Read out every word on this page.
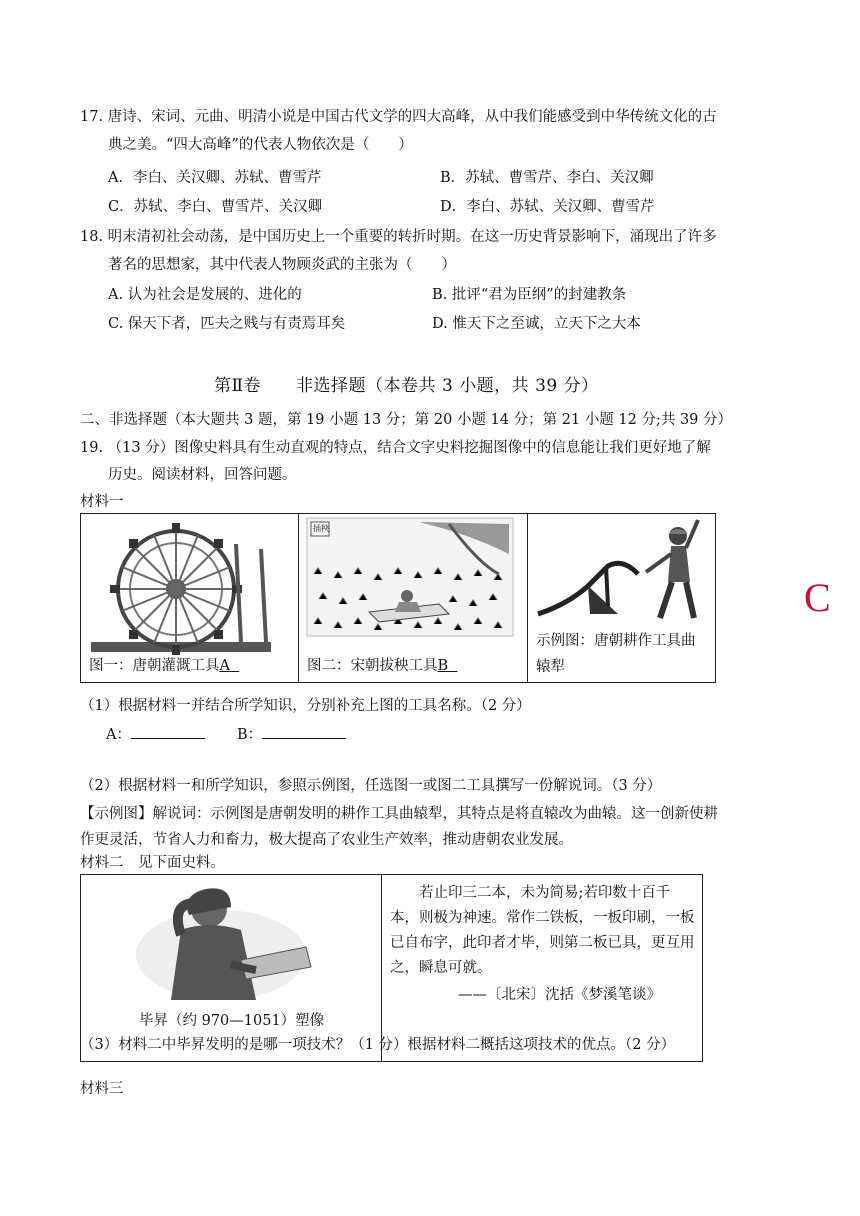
17. 唐诗、宋词、元曲、明清小说是中国古代文学的四大高峰，从中我们能感受到中华传统文化的古
典之美。“四大高峰”的代表人物依次是（　　）
A．李白、关汉卿、苏轼、曹雪芹	B．苏轼、曹雪芹、李白、关汉卿
C．苏轼、李白、曹雪芹、关汉卿	D．李白、苏轼、关汉卿、曹雪芹
18. 明末清初社会动荡，是中国历史上一个重要的转折时期。在这一历史背景影响下，涌现出了许多
著名的思想家，其中代表人物顾炎武的主张为（　　）
A. 认为社会是发展的、进化的	B. 批评“君为臣纲”的封建教条
C. 保天下者，匹夫之贱与有责焉耳矣	D. 惟天下之至诚，立天下之大本
第Ⅱ卷　　非选择题（本卷共 3 小题，共 39 分）
二、非选择题（本大题共 3 题，第 19 小题 13 分；第 20 小题 14 分；第 21 小题 12 分;共 39 分）
19. （13 分）图像史料具有生动直观的特点，结合文字史料挖掘图像中的信息能让我们更好地了解
历史。阅读材料，回答问题。
材料一
C
图一：唐朝灌溉工具A

插秧
图二：宋朝拔秧工具B

示例图：唐朝耕作工具曲
辕犁
（1）根据材料一并结合所学知识，分别补充上图的工具名称。（2 分）
A：	B：
（2）根据材料一和所学知识，参照示例图，任选图一或图二工具撰写一份解说词。（3 分）
【示例图】解说词：示例图是唐朝发明的耕作工具曲辕犁，其特点是将直辕改为曲辕。这一创新使耕
作更灵活，节省人力和畜力，极大提高了农业生产效率，推动唐朝农业发展。
材料二　见下面史料。
毕昇（约 970—1051）塑像

　　若止印三二本，未为简易;若印数十百千本，则极为神速。常作二铁板，一板印刷，一板已自布字，此印者才毕，则第二板已具，更互用之，瞬息可就。
——〔北宋〕沈括《梦溪笔谈》
（3）材料二中毕昇发明的是哪一项技术？（1 分）根据材料二概括这项技术的优点。（2 分）
材料三
